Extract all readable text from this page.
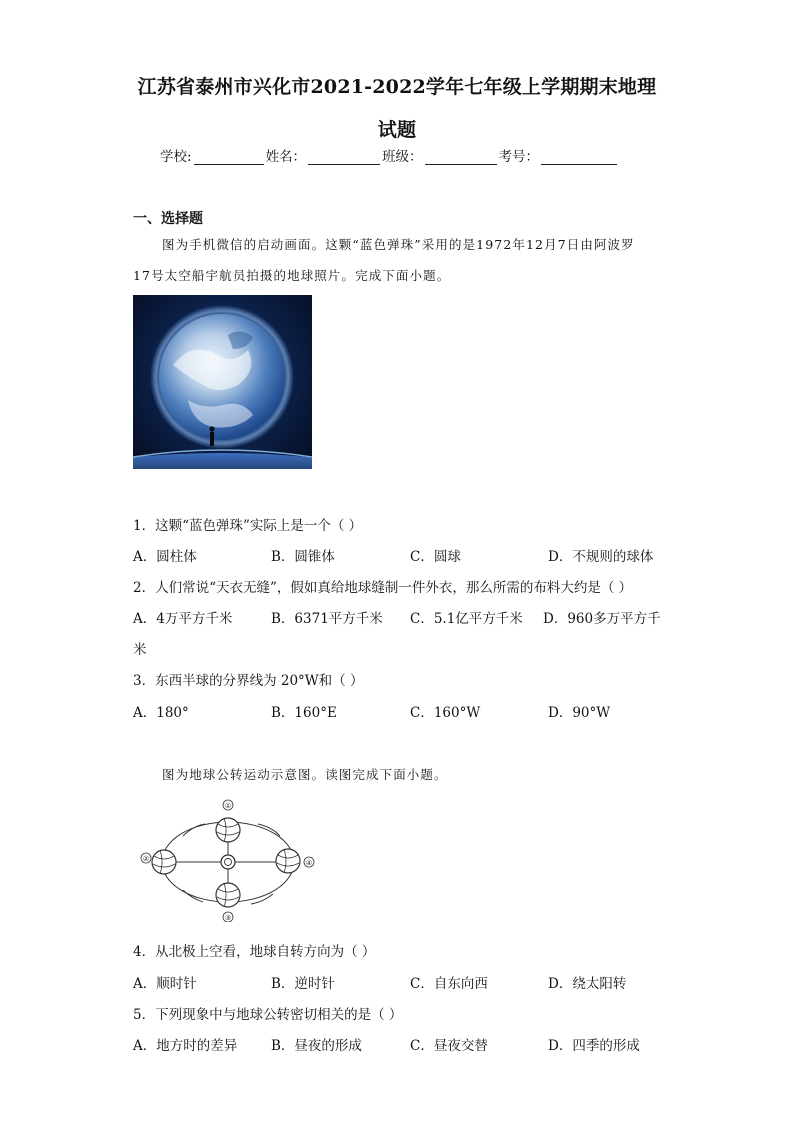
江苏省泰州市兴化市2021-2022学年七年级上学期期末地理
试题
学校:	姓名：	班级：	考号：
一、选择题
图为手机微信的启动画面。这颗“蓝色弹珠”采用的是1972年12月7日由阿波罗
17号太空船宇航员拍摄的地球照片。完成下面小题。
1．这颗“蓝色弹珠”实际上是一个（ ）
A．圆柱体	B．圆锥体	C．圆球	D．不规则的球体
2．人们常说“天衣无缝”，假如真给地球缝制一件外衣，那么所需的布料大约是（ ）
A．4万平方千米	B．6371平方千米 C．5.1亿平方千米 D．960多万平方千
米
3．东西半球的分界线为 20°W和（ ）
A．180°	B．160°E	C．160°W	D．90°W
图为地球公转运动示意图。读图完成下面小题。
①
②
③
④
4．从北极上空看，地球自转方向为（ ）
A．顺时针	B．逆时针	C．自东向西	D．绕太阳转
5．下列现象中与地球公转密切相关的是（ ）
A．地方时的差异	B．昼夜的形成	C．昼夜交替	D．四季的形成
